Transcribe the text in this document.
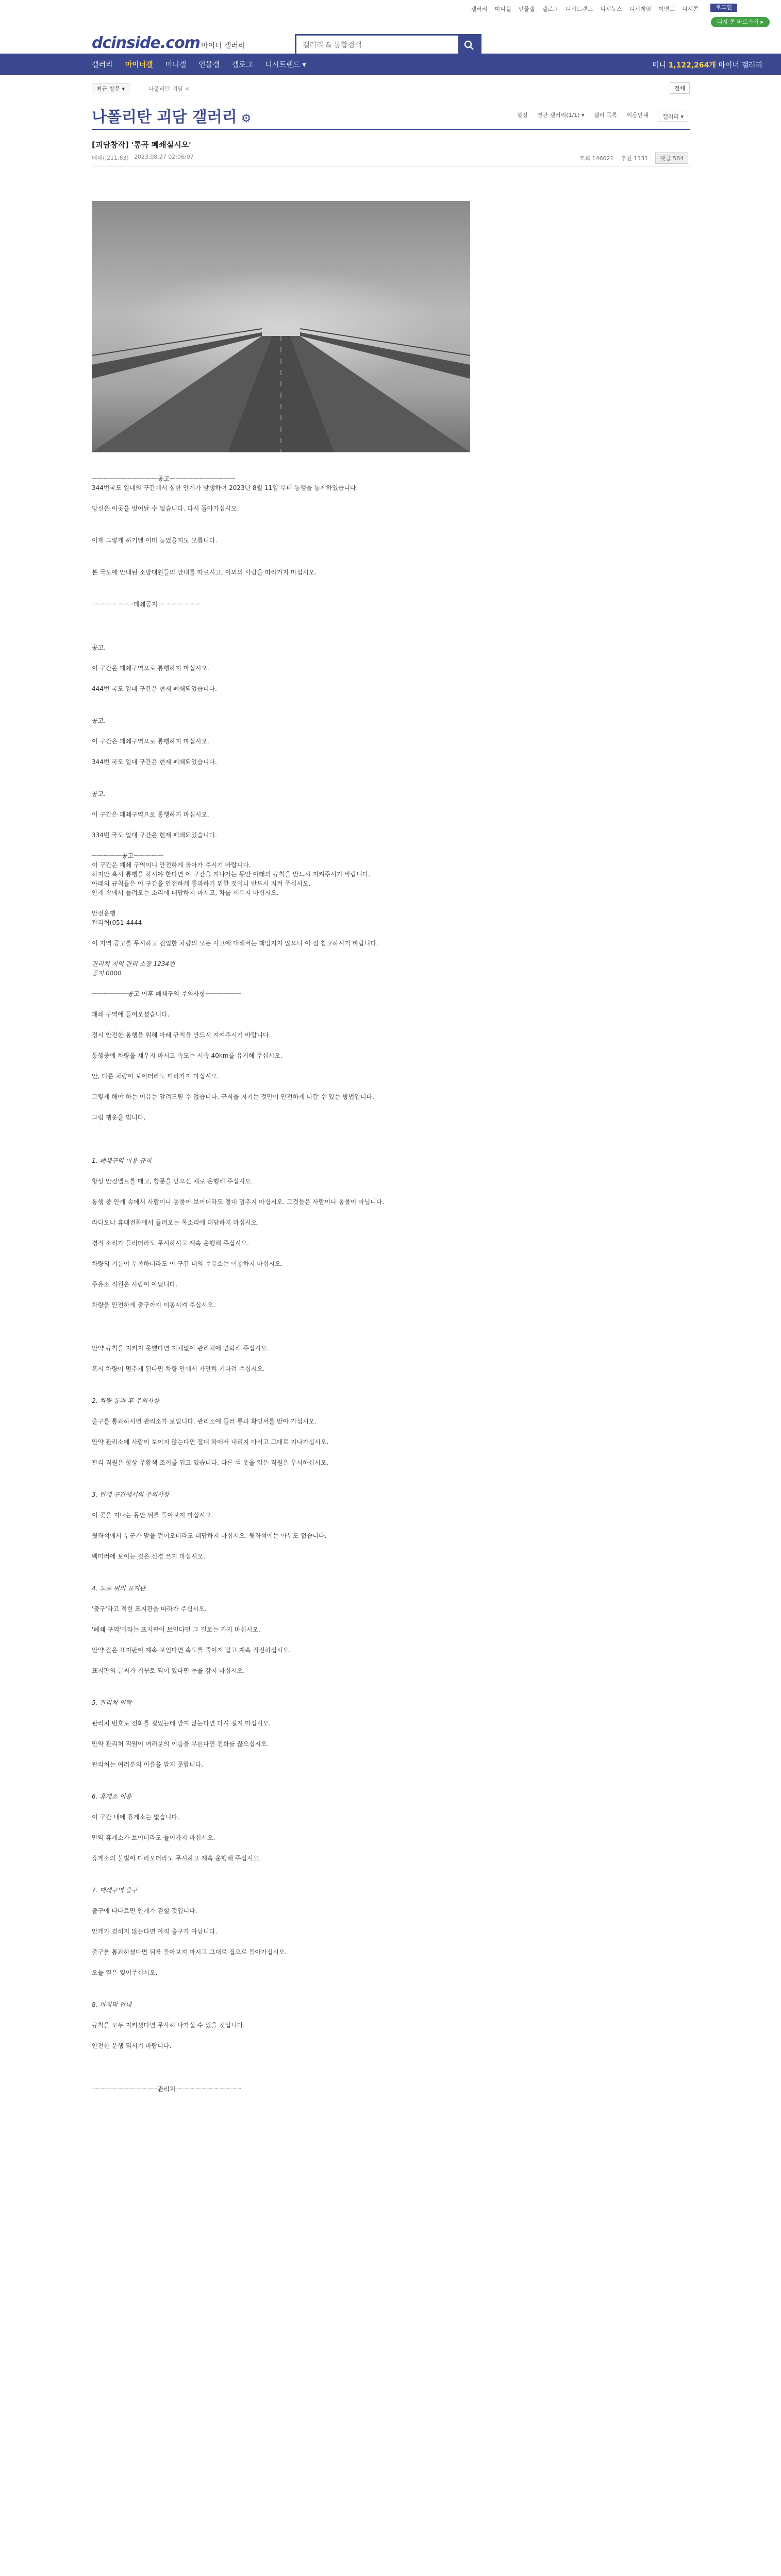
갤러리 미니갤 인물갤 갤로그 디시트렌드 디시뉴스 디시게임 이벤트 디시콘	로그인
디시 콘 바로가기 ▸
dcinside.com 마이너 갤러리
갤러리 & 통합검색
갤러리	마이너갤	미니갤	인물갤	갤로그	디시트렌드 ▾	미니 1,122,264개 마이너 갤러리
최근 방문 ▾	나폴리탄 괴담 ×	전체
나폴리탄 괴담 갤러리 ⚙	설정 연관 갤러리(1/1) ▾ 갤러 목록 이용안내	갤러리 ▾
[괴담창작] '통곡 폐쇄실시오'
배대(.211.63) 2023.08.27 02:06:07	조회 146021 추천 1131	댓글 584

ㅡㅡㅡㅡㅡㅡㅡㅡㅡㅡㅡ공고ㅡㅡㅡㅡㅡㅡㅡㅡㅡㅡㅡ

344번국도 일대의 구간에서 심한 안개가 발생하여 2023년 8월 11일 부터 통행을 통제하였습니다.

당신은 이곳을 벗어날 수 없습니다. 다시 돌아가십시오.

이제 그렇게 하기엔 이미 늦었을지도 모릅니다.

본 국도에 안내된 소방대원들의 안내를 따르시고, 이외의 사람을 따라가지 마십시오.

ㅡㅡㅡㅡㅡㅡㅡ폐쇄공지ㅡㅡㅡㅡㅡㅡㅡ

공고.

이 구간은 폐쇄구역으로 통행하지 마십시오.

444번 국도 일대 구간은 현재 폐쇄되었습니다.

공고.

이 구간은 폐쇄구역으로 통행하지 마십시오.

344번 국도 일대 구간은 현재 폐쇄되었습니다.

공고.

이 구간은 폐쇄구역으로 통행하지 마십시오.

334번 국도 일대 구간은 현재 폐쇄되었습니다.

ㅡㅡㅡㅡㅡ공고ㅡㅡㅡㅡㅡ

이 구간은 폐쇄 구역이니 안전하게 돌아가 주시기 바랍니다.

하지만 혹시 통행을 하셔야 한다면 이 구간을 지나가는 동안 아래의 규칙을 반드시 지켜주시기 바랍니다.

아래의 규칙들은 이 구간을 안전하게 통과하기 위한 것이니 반드시 지켜 주십시오.

안개 속에서 들려오는 소리에 대답하지 마시고, 차를 세우지 마십시오.

안전운행

관리처(051-4444

이 지역 공고를 무시하고 진입한 차량의 모든 사고에 대해서는 책임지지 않으니 이 점 참고하시기 바랍니다.

관리처 지역 관리 소장 1234번

공지 0000

ㅡㅡㅡㅡㅡㅡ공고 이후 폐쇄구역 주의사항ㅡㅡㅡㅡㅡㅡ

폐쇄 구역에 들어오셨습니다.

정시 안전한 통행을 위해 아래 규칙을 반드시 지켜주시기 바랍니다.

통행중에 차량을 세우지 마시고 속도는 시속 40km를 유지해 주십시오.

안, 다른 차량이 보이더라도 따라가지 마십시오.

그렇게 해야 하는 이유는 알려드릴 수 없습니다. 규칙을 지키는 것만이 안전하게 나갈 수 있는 방법입니다.

그럼 행운을 빕니다.

1. 폐쇄구역 이용 규칙

항상 안전벨트를 매고, 창문을 닫으신 채로 운행해 주십시오.

통행 중 안개 속에서 사람이나 동물이 보이더라도 절대 멈추지 마십시오. 그것들은 사람이나 동물이 아닙니다.

라디오나 휴대전화에서 들려오는 목소리에 대답하지 마십시오.

경적 소리가 들리더라도 무시하시고 계속 운행해 주십시오.

차량의 기름이 부족하더라도 이 구간 내의 주유소는 이용하지 마십시오.

주유소 직원은 사람이 아닙니다.

차량을 안전하게 출구까지 이동시켜 주십시오.

만약 규칙을 지키지 못했다면 지체없이 관리처에 연락해 주십시오.

혹시 차량이 멈추게 된다면 차량 안에서 가만히 기다려 주십시오.

2. 차량 통과 후 주의사항

출구를 통과하시면 관리소가 보입니다. 관리소에 들러 통과 확인서를 받아 가십시오.

만약 관리소에 사람이 보이지 않는다면 절대 차에서 내리지 마시고 그대로 지나가십시오.

관리 직원은 항상 주황색 조끼를 입고 있습니다. 다른 색 옷을 입은 직원은 무시하십시오.

3. 안개 구간에서의 주의사항

이 곳을 지나는 동안 뒤를 돌아보지 마십시오.

뒷좌석에서 누군가 말을 걸어오더라도 대답하지 마십시오. 뒷좌석에는 아무도 없습니다.

백미러에 보이는 것은 신경 쓰지 마십시오.

4. 도로 위의 표지판

'출구'라고 적힌 표지판을 따라가 주십시오.

'폐쇄 구역'이라는 표지판이 보인다면 그 길로는 가지 마십시오.

만약 같은 표지판이 계속 보인다면 속도를 줄이지 말고 계속 직진하십시오.

표지판의 글씨가 거꾸로 되어 있다면 눈을 감지 마십시오.

5. 관리처 연락

관리처 번호로 전화를 걸었는데 받지 않는다면 다시 걸지 마십시오.

만약 관리처 직원이 여러분의 이름을 부른다면 전화를 끊으십시오.

관리처는 여러분의 이름을 알지 못합니다.

6. 휴게소 이용

이 구간 내에 휴게소는 없습니다.

만약 휴게소가 보이더라도 들어가지 마십시오.

휴게소의 불빛이 따라오더라도 무시하고 계속 운행해 주십시오.

7. 폐쇄구역 출구

출구에 다다르면 안개가 걷힐 것입니다.

안개가 걷히지 않는다면 아직 출구가 아닙니다.

출구를 통과하셨다면 뒤를 돌아보지 마시고 그대로 집으로 돌아가십시오.

오늘 일은 잊어주십시오.

8. 마지막 안내

규칙을 모두 지키셨다면 무사히 나가실 수 있을 것입니다.

안전한 운행 되시기 바랍니다.

ㅡㅡㅡㅡㅡㅡㅡㅡㅡㅡㅡ관리처ㅡㅡㅡㅡㅡㅡㅡㅡㅡㅡㅡ
